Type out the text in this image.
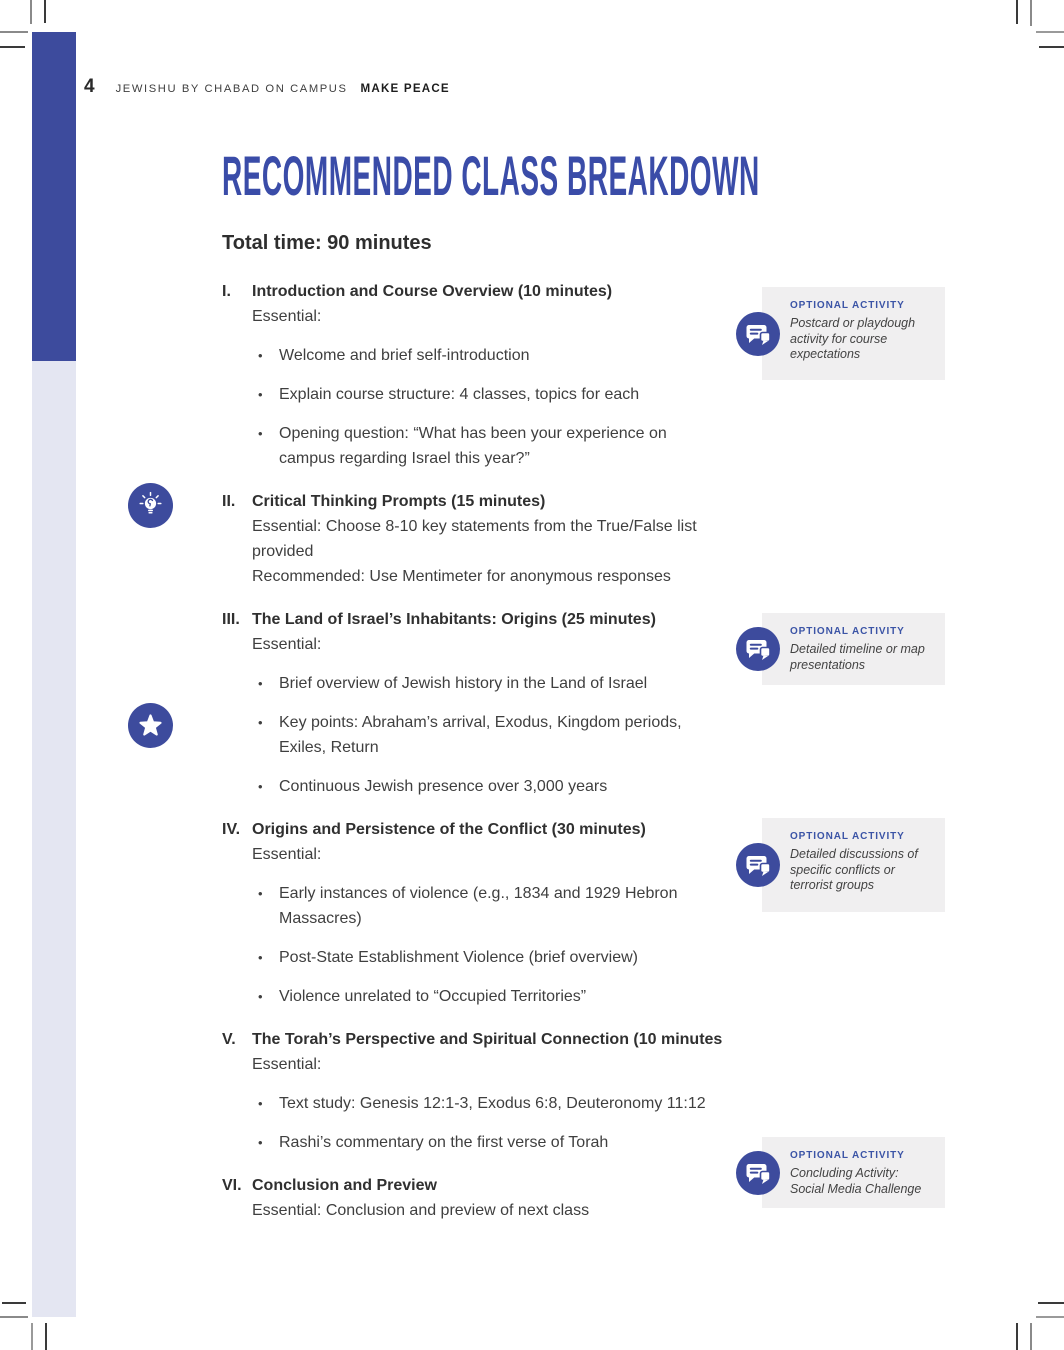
4 JEWISHU BY CHABAD ON CAMPUS MAKE PEACE
RECOMMENDED CLASS BREAKDOWN
Total time: 90 minutes
I.	Introduction and Course Overview (10 minutes)
Essential:
•	Welcome and brief self-introduction
•	Explain course structure: 4 classes, topics for each
•	Opening question: “What has been your experience on campus regarding Israel this year?”
II.	Critical Thinking Prompts (15 minutes)
Essential: Choose 8-10 key statements from the True/False list provided
Recommended: Use Mentimeter for anonymous responses
III. The Land of Israel’s Inhabitants: Origins (25 minutes)
Essential:
•	Brief overview of Jewish history in the Land of Israel
•	Key points: Abraham’s arrival, Exodus, Kingdom periods, Exiles, Return
•	Continuous Jewish presence over 3,000 years
IV. Origins and Persistence of the Conflict (30 minutes)
Essential:
•	Early instances of violence (e.g., 1834 and 1929 Hebron Massacres)
•	Post-State Establishment Violence (brief overview)
•	Violence unrelated to “Occupied Territories”
V.	The Torah’s Perspective and Spiritual Connection (10 minutes
Essential:
•	Text study: Genesis 12:1-3, Exodus 6:8, Deuteronomy 11:12
•	Rashi’s commentary on the first verse of Torah
VI. Conclusion and Preview
Essential: Conclusion and preview of next class
OPTIONAL ACTIVITY
Postcard or playdough activity for course expectations
OPTIONAL ACTIVITY
Detailed timeline or map presentations
OPTIONAL ACTIVITY
Detailed discussions of specific conflicts or terrorist groups
OPTIONAL ACTIVITY
Concluding Activity: Social Media Challenge
